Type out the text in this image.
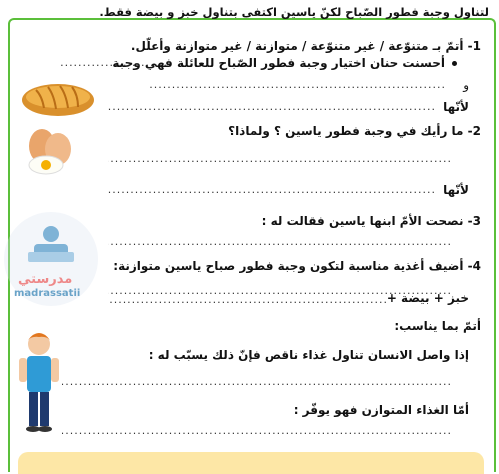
مدرستي
madrassatii
لتناول وجبة فطور الصّباح لكنّ ياسين اكتفى بتناول خبز و بيضة فقط.
1- أتمّ بـ متنوّعة / غير متنوّعة / متوازنة / غير متوازنة وأعلّل.
أحسنت حنان اختيار وجبة فطور الصّباح للعائلة فهي وجبة
.....
و
.....
لأنّها
.....
2- ما رأيك في وجبة فطور ياسين ؟ ولماذا؟
.....
لأنّها
.....
3- نصحت الأمّ ابنها ياسين فقالت له :
.....
4- أضيف أغذية مناسبة لتكون وجبة فطور صباح ياسين متوازنة:
.....
خبز + بيضة +
.....
أتمّ بما يناسب:
إذا واصل الانسان تناول غذاء ناقص فإنّ ذلك يسبّب له :
.....
أمّا الغذاء المتوازن فهو يوفّر :
.....
